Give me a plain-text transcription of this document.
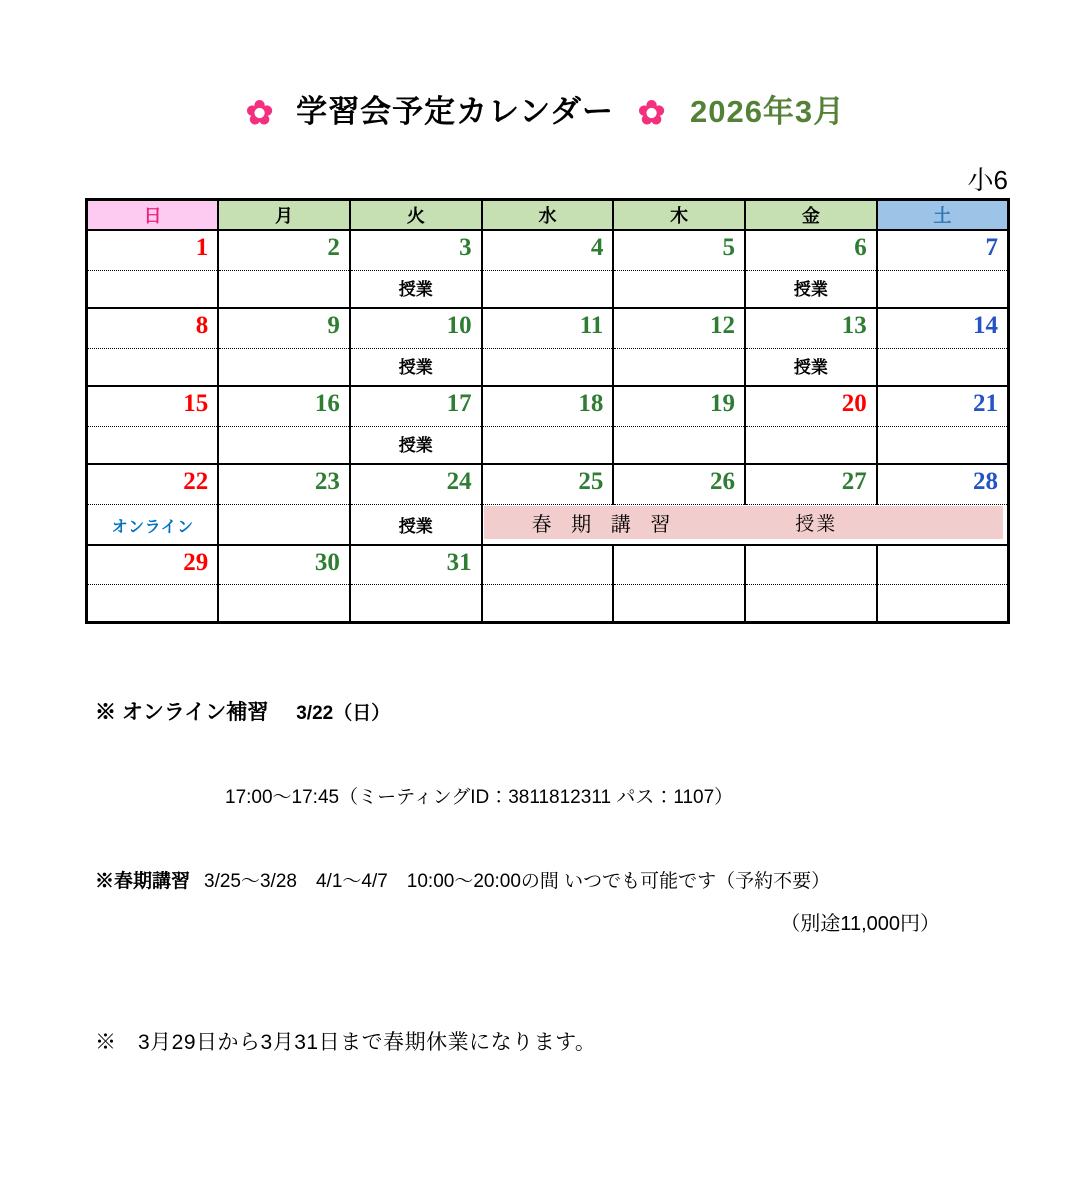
✿ 学習会予定カレンダー ✿ 2026年3月
小6
日	月	火	水	木	金	土
1	2	3	4	5	6	7
		授業			授業	
8	9	10	11	12	13	14
		授業			授業	
15	16	17	18	19	20	21
		授業				
22	23	24	25	26	27	28
オンライン		授業	春 期 講 習 授業			

29	30	31				

※ オンライン補習 3/22（日）
17:00～17:45（ミーティングID：3811812311 パス：1107）
※春期講習 3/25～3/28　4/1～4/7　10:00～20:00の間 いつでも可能です（予約不要）
（別途11,000円）
※　3月29日から3月31日まで春期休業になります。
